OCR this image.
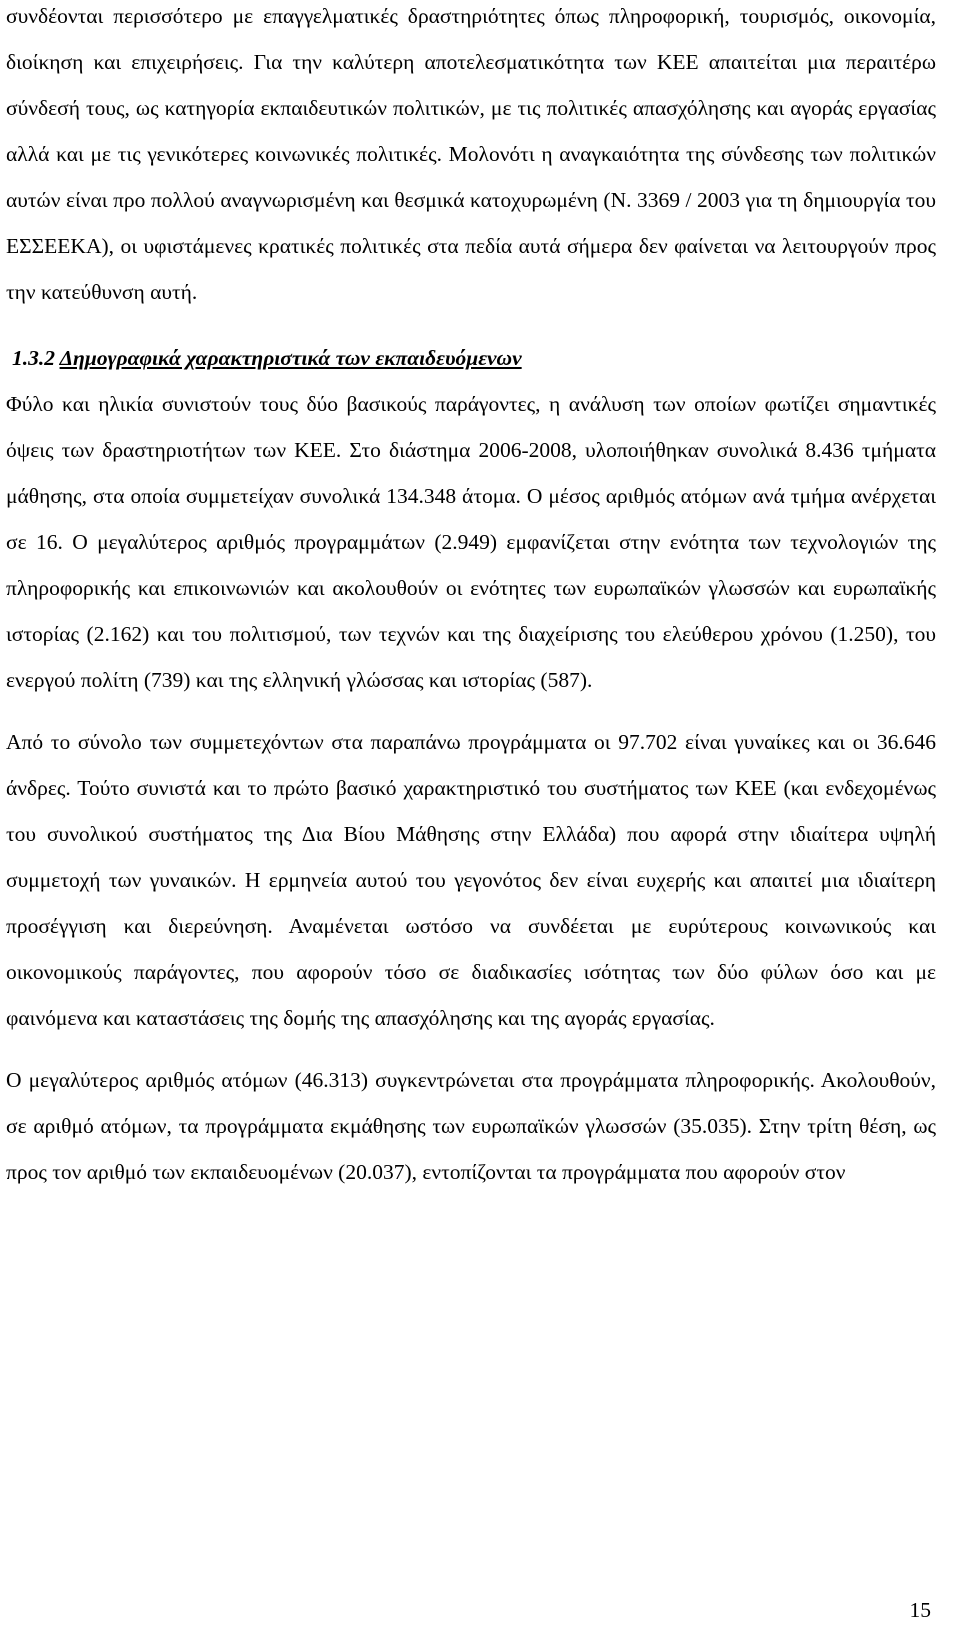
συνδέονται περισσότερο με επαγγελματικές δραστηριότητες όπως πληροφορική, τουρισμός, οικονομία, διοίκηση και επιχειρήσεις. Για την καλύτερη αποτελεσματικότητα των ΚΕΕ απαιτείται μια περαιτέρω σύνδεσή τους, ως κατηγορία εκπαιδευτικών πολιτικών, με τις πολιτικές απασχόλησης και αγοράς εργασίας αλλά και με τις γενικότερες κοινωνικές πολιτικές. Μολονότι η αναγκαιότητα της σύνδεσης των πολιτικών αυτών είναι προ πολλού αναγνωρισμένη και θεσμικά κατοχυρωμένη (Ν. 3369 / 2003 για τη δημιουργία του ΕΣΣΕΕΚΑ), οι υφιστάμενες κρατικές πολιτικές στα πεδία αυτά σήμερα δεν φαίνεται να λειτουργούν προς την κατεύθυνση αυτή.

1.3.2 Δημογραφικά χαρακτηριστικά των εκπαιδευόμενων

Φύλο και ηλικία συνιστούν τους δύο βασικούς παράγοντες, η ανάλυση των οποίων φωτίζει σημαντικές όψεις των δραστηριοτήτων των ΚΕΕ. Στο διάστημα 2006-2008, υλοποιήθηκαν συνολικά 8.436 τμήματα μάθησης, στα οποία συμμετείχαν συνολικά 134.348 άτομα. Ο μέσος αριθμός ατόμων ανά τμήμα ανέρχεται σε 16. Ο μεγαλύτερος αριθμός προγραμμάτων (2.949) εμφανίζεται στην ενότητα των τεχνολογιών της πληροφορικής και επικοινωνιών και ακολουθούν οι ενότητες των ευρωπαϊκών γλωσσών και ευρωπαϊκής ιστορίας (2.162) και του πολιτισμού, των τεχνών και της διαχείρισης του ελεύθερου χρόνου (1.250), του ενεργού πολίτη (739) και της ελληνική γλώσσας και ιστορίας (587).

Από το σύνολο των συμμετεχόντων στα παραπάνω προγράμματα οι 97.702 είναι γυναίκες και οι 36.646 άνδρες. Τούτο συνιστά και το πρώτο βασικό χαρακτηριστικό του συστήματος των ΚΕΕ (και ενδεχομένως του συνολικού συστήματος της Δια Βίου Μάθησης στην Ελλάδα) που αφορά στην ιδιαίτερα υψηλή συμμετοχή των γυναικών. Η ερμηνεία αυτού του γεγονότος δεν είναι ευχερής και απαιτεί μια ιδιαίτερη προσέγγιση και διερεύνηση. Αναμένεται ωστόσο να συνδέεται με ευρύτερους κοινωνικούς και οικονομικούς παράγοντες, που αφορούν τόσο σε διαδικασίες ισότητας των δύο φύλων όσο και με φαινόμενα και καταστάσεις της δομής της απασχόλησης και της αγοράς εργασίας.

Ο μεγαλύτερος αριθμός ατόμων (46.313) συγκεντρώνεται στα προγράμματα πληροφορικής. Ακολουθούν, σε αριθμό ατόμων, τα προγράμματα εκμάθησης των ευρωπαϊκών γλωσσών (35.035). Στην τρίτη θέση, ως προς τον αριθμό των εκπαιδευομένων (20.037), εντοπίζονται τα προγράμματα που αφορούν στον

15
